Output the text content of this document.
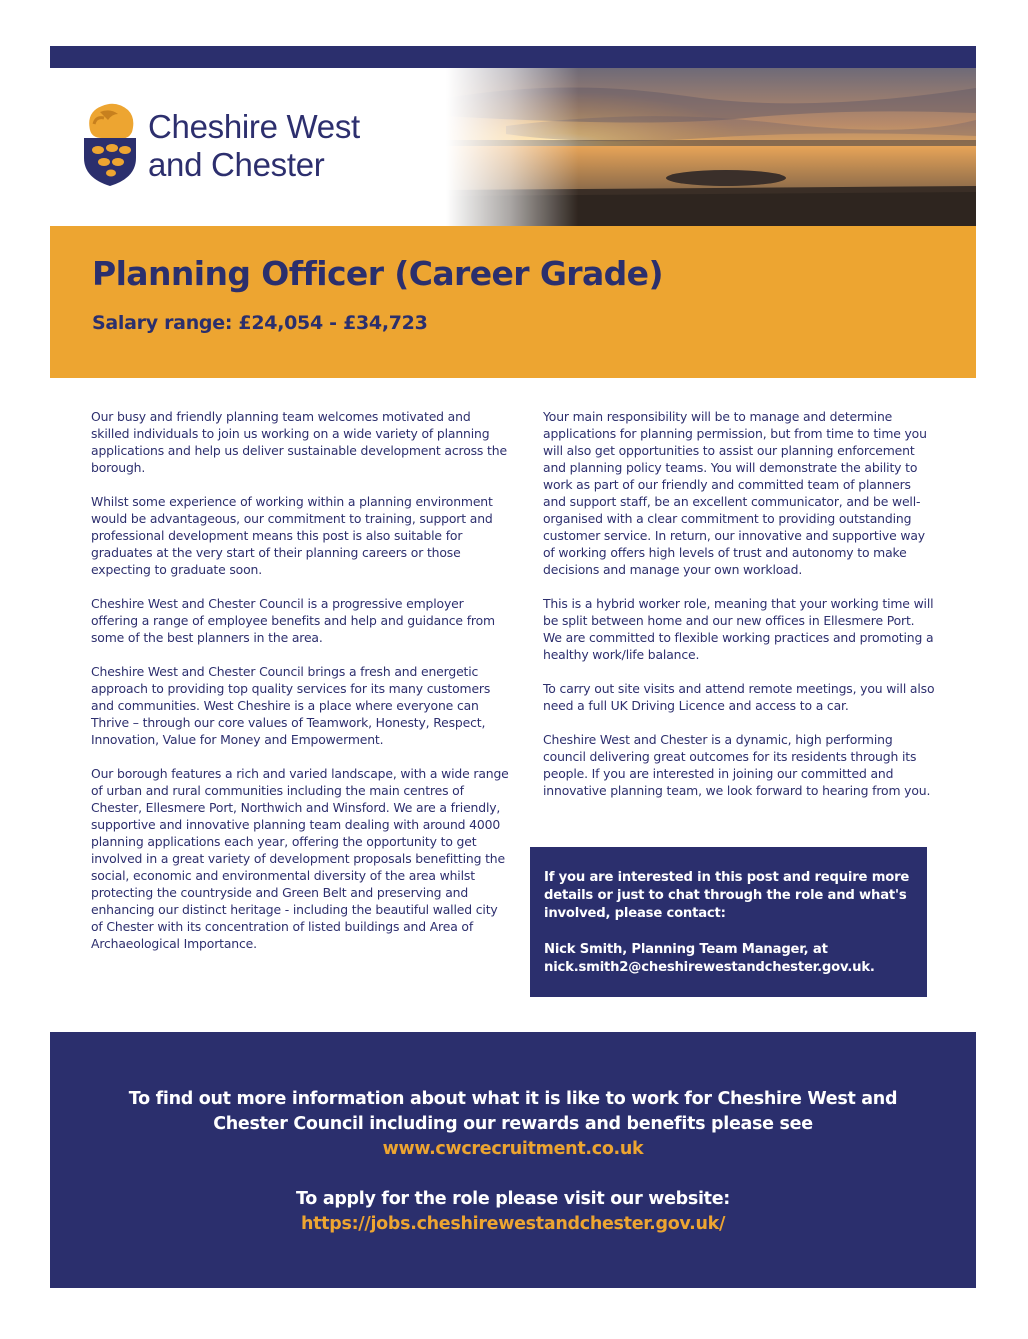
Cheshire West
and Chester
Planning Officer (Career Grade)
Salary range: £24,054 - £34,723

Our busy and friendly planning team welcomes motivated and skilled individuals to join us working on a wide variety of planning applications and help us deliver sustainable development across the borough.

Whilst some experience of working within a planning environment would be advantageous, our commitment to training, support and professional development means this post is also suitable for graduates at the very start of their planning careers or those expecting to graduate soon.

Cheshire West and Chester Council is a progressive employer offering a range of employee benefits and help and guidance from some of the best planners in the area.

Cheshire West and Chester Council brings a fresh and energetic approach to providing top quality services for its many customers and communities. West Cheshire is a place where everyone can Thrive – through our core values of Teamwork, Honesty, Respect, Innovation, Value for Money and Empowerment.

Our borough features a rich and varied landscape, with a wide range of urban and rural communities including the main centres of Chester, Ellesmere Port, Northwich and Winsford. We are a friendly, supportive and innovative planning team dealing with around 4000 planning applications each year, offering the opportunity to get involved in a great variety of development proposals benefitting the social, economic and environmental diversity of the area whilst protecting the countryside and Green Belt and preserving and enhancing our distinct heritage - including the beautiful walled city of Chester with its concentration of listed buildings and Area of Archaeological Importance.

Your main responsibility will be to manage and determine applications for planning permission, but from time to time you will also get opportunities to assist our planning enforcement and planning policy teams. You will demonstrate the ability to work as part of our friendly and committed team of planners and support staff, be an excellent communicator, and be well-organised with a clear commitment to providing outstanding customer service. In return, our innovative and supportive way of working offers high levels of trust and autonomy to make decisions and manage your own workload.

This is a hybrid worker role, meaning that your working time will be split between home and our new offices in Ellesmere Port. We are committed to flexible working practices and promoting a healthy work/life balance.

To carry out site visits and attend remote meetings, you will also need a full UK Driving Licence and access to a car.

Cheshire West and Chester is a dynamic, high performing council delivering great outcomes for its residents through its people. If you are interested in joining our committed and innovative planning team, we look forward to hearing from you.

If you are interested in this post and require more details or just to chat through the role and what's involved, please contact:

Nick Smith, Planning Team Manager, at
nick.smith2@cheshirewestandchester.gov.uk.
To find out more information about what it is like to work for Cheshire West and
Chester Council including our rewards and benefits please see
www.cwcrecruitment.co.uk
To apply for the role please visit our website:
https://jobs.cheshirewestandchester.gov.uk/
